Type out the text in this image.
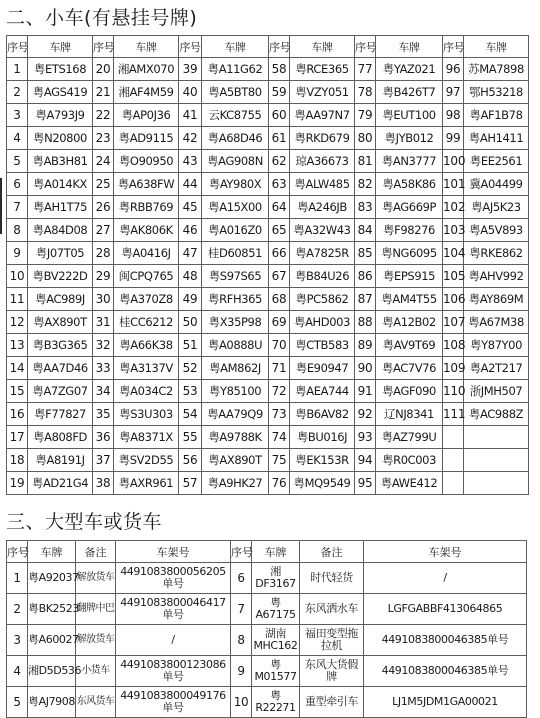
二、小车(有悬挂号牌)
序号	车牌	序号	车牌	序号	车牌	序号	车牌	序号	车牌	序号	车牌
1	粤ETS168	20	湘AMX070	39	粤A11G62	58	粤RCE365	77	粤YAZ021	96	苏MA7898
2	粤AGS419	21	湘AF4M59	40	粤A5BT80	59	粤VZY051	78	粤B426T7	97	鄂H53218
3	粤A793J9	22	粤AP0J36	41	云KC8755	60	粤AA97N7	79	粤EUT100	98	粤AF1B78
4	粤N20800	23	粤AD9115	42	粤A68D46	61	粤RKD679	80	粤JYB012	99	粤AH1411
5	粤AB3H81	24	粤O90950	43	粤AG908N	62	琼A36673	81	粤AN3777	100	粤EE2561
6	粤A014KX	25	粤A638FW	44	粤AY980X	63	粤ALW485	82	粤A58K86	101	冀A04499
7	粤AH1T75	26	粤RBB769	45	粤A15X00	64	粤A246JB	83	粤AG669P	102	粤AJ5K23
8	粤A84D08	27	粤AK806K	46	粤A016Z0	65	粤A32W43	84	粤F98276	103	粤A5V893
9	粤J07T05	28	粤A0416J	47	桂D60851	66	粤A7825R	85	粤NG6095	104	粤RKE862
10	粤BV222D	29	闽CPQ765	48	粤S97S65	67	粤B84U26	86	粤EPS915	105	粤AHV992
11	粤AC989J	30	粤A370Z8	49	粤RFH365	68	粤PC5862	87	粤AM4T55	106	粤AY869M
12	粤AX890T	31	桂CC6212	50	粤X35P98	69	粤AHD003	88	粤A12B02	107	粤A67M38
13	粤B3G365	32	粤A66K38	51	粤A0888U	70	粤CTB583	89	粤AV9T69	108	粤Y87Y00
14	粤AA7D46	33	粤A3137V	52	粤AM862J	71	粤E90947	90	粤AC7V76	109	粤A2T217
15	粤A7ZG07	34	粤A034C2	53	粤Y85100	72	粤AEA744	91	粤AGF090	110	浙JMH507
16	粤F77827	35	粤S3U303	54	粤AA79Q9	73	粤B6AV82	92	辽NJ8341	111	粤AC988Z
17	粤A808FD	36	粤A8371X	55	粤A9788K	74	粤BU016J	93	粤AZ799U		
18	粤A8191J	37	粤SV2D55	56	粤AX890T	75	粤EK153R	94	粤R0C003		
19	粤AD21G4	38	粤AXR961	57	粤A9HK27	76	粤MQ9549	95	粤AWE412		
三、大型车或货车
序号	车牌	备注	车架号	序号	车牌	备注	车架号
1	粤A92037	解放货车	4491083800056205单号	6	湘DF3167	时代轻货	/
2	粤BK2523	翻牌中巴	4491083800046417单号	7	粤A67175	东风洒水车	LGFGABBF413064865
3	粤A60027	解放货车	/	8	湖南MHC162	福田变型拖拉机	4491083800046385单号
4	湘D5D536	小货车	4491083800123086单号	9	粤M01577	东风大货假牌	4491083800046385单号
5	粤AJ7908	东风货车	4491083800049176单号	10	粤R22271	重型牵引车	LJ1M5JDM1GA00021
